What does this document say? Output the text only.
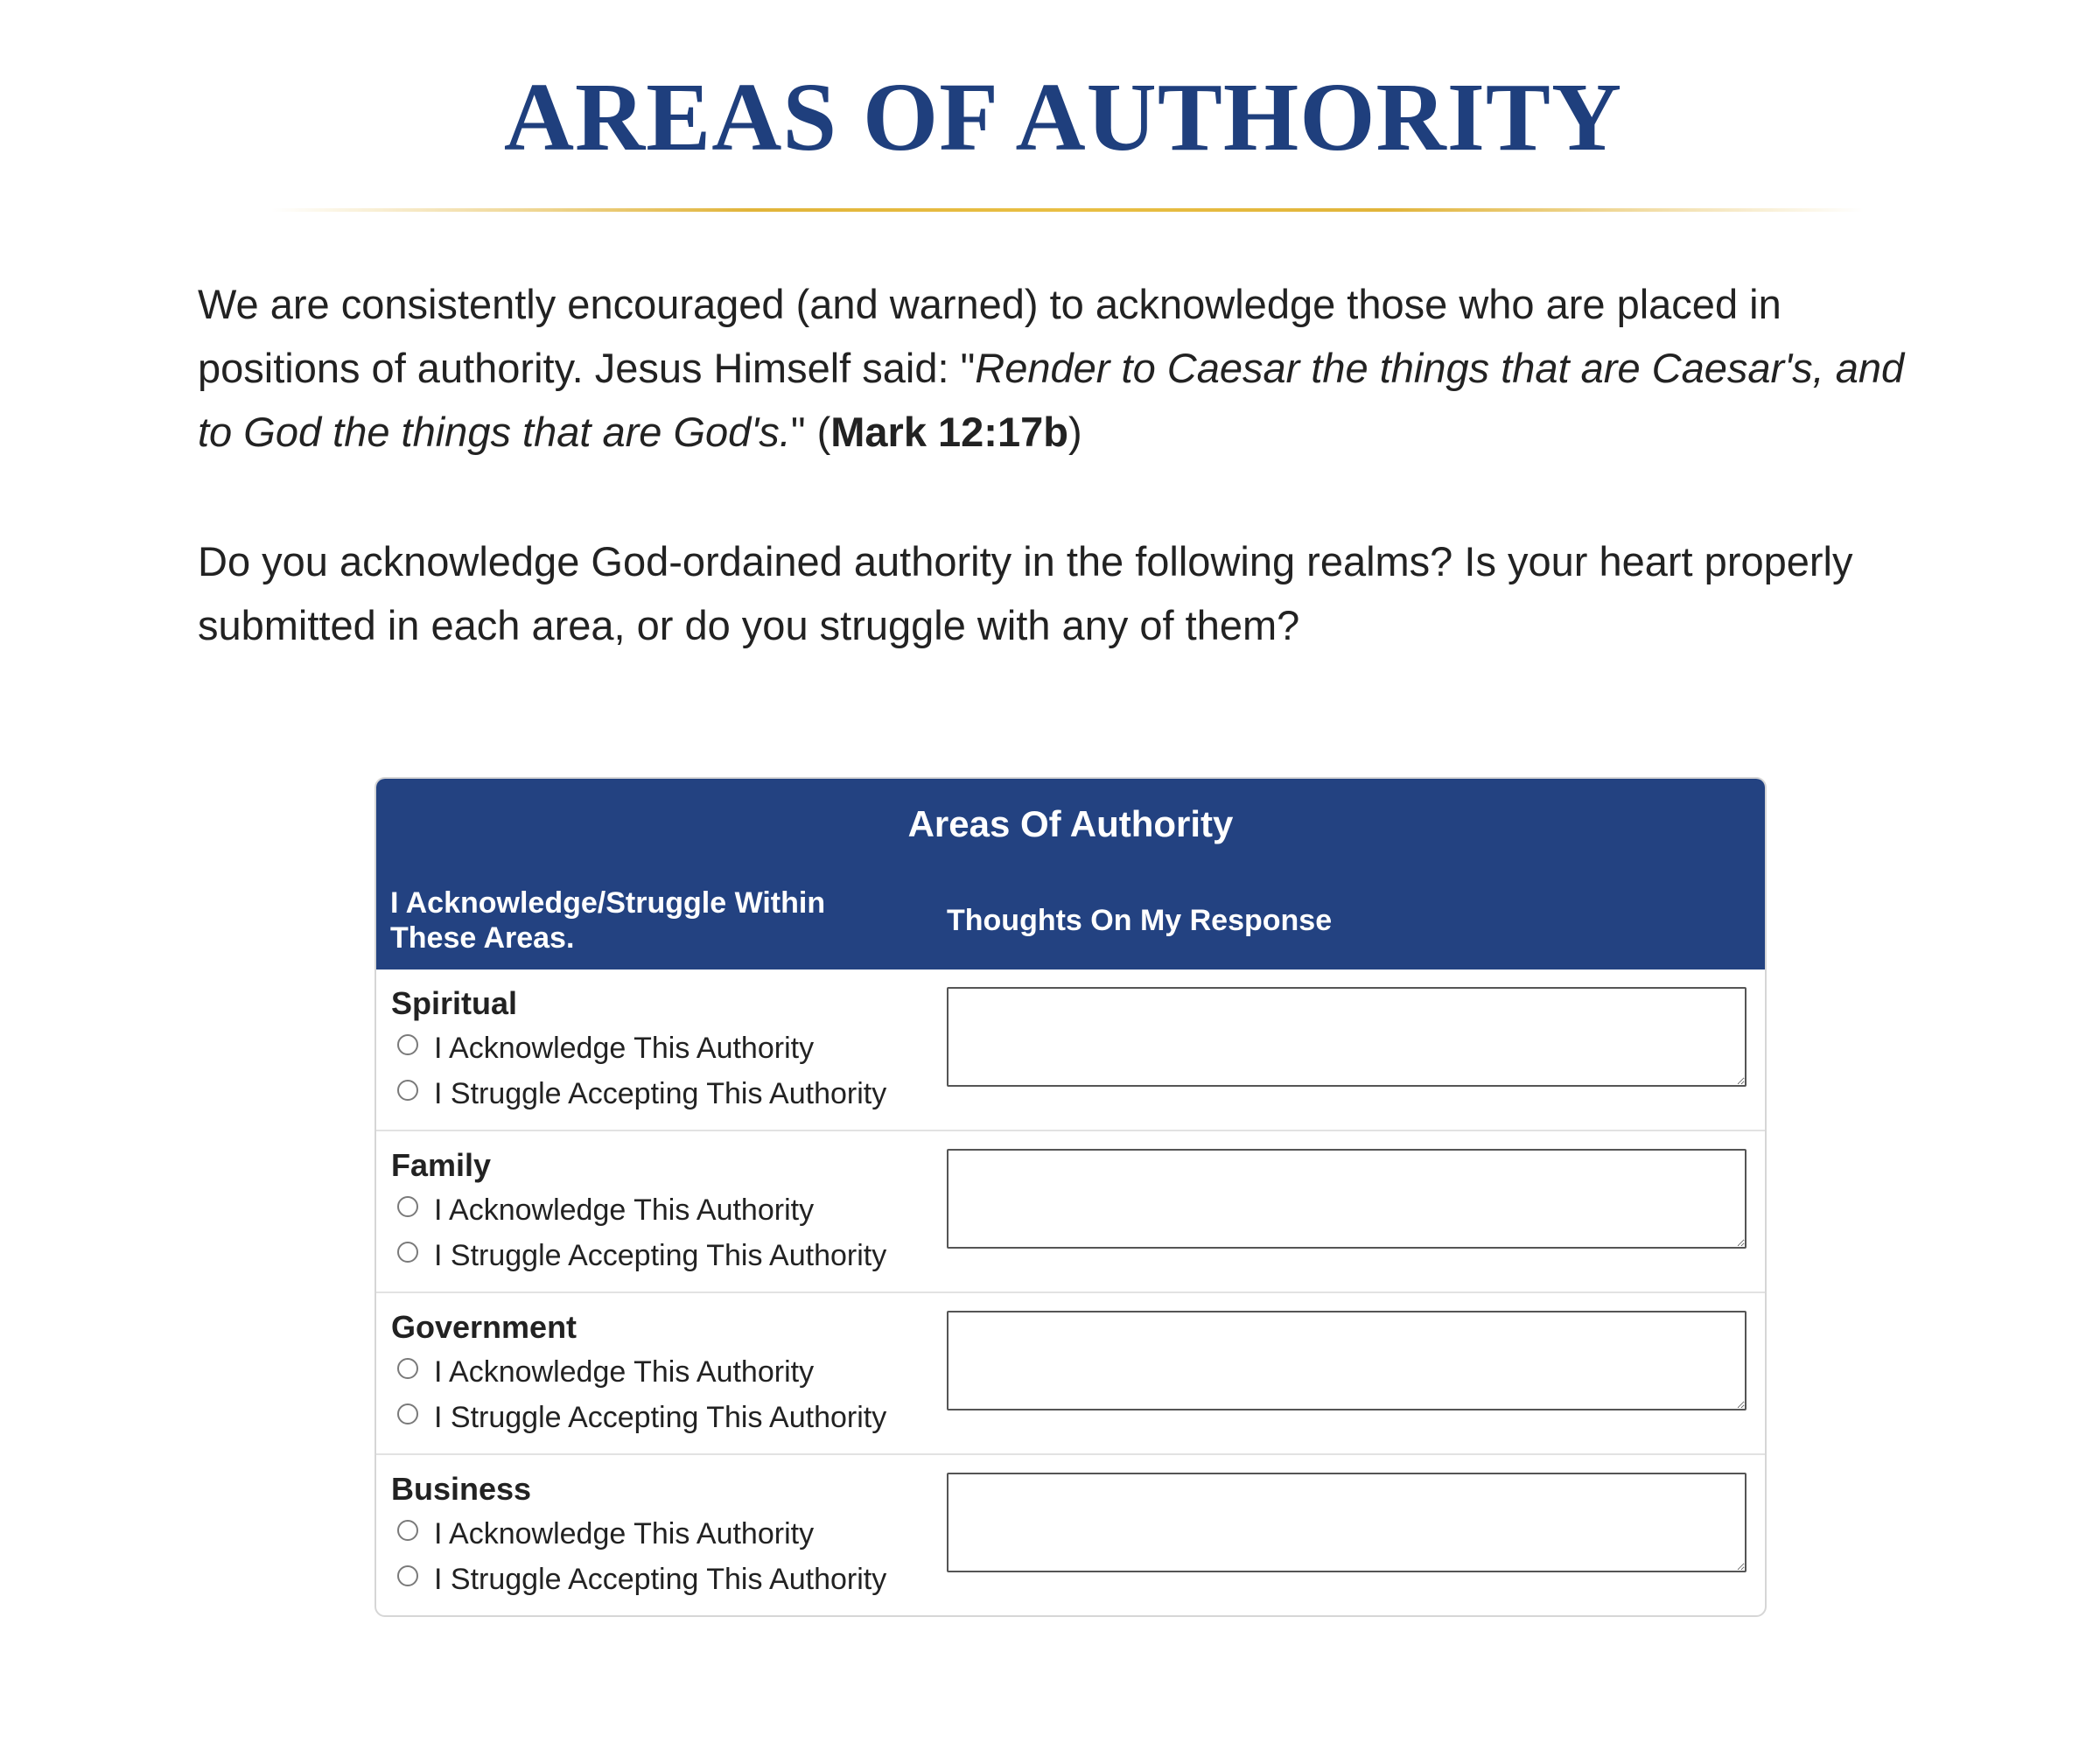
AREAS OF AUTHORITY

We are consistently encouraged (and warned) to acknowledge those who are placed in positions of authority. Jesus Himself said: "Render to Caesar the things that are Caesar's, and to God the things that are God's." (Mark 12:17b)

Do you acknowledge God-ordained authority in the following realms? Is your heart properly submitted in each area, or do you struggle with any of them?

Areas Of Authority
I Acknowledge/Struggle Within These Areas.
Thoughts On My Response
Spiritual
I Acknowledge This Authority
I Struggle Accepting This Authority
Family
I Acknowledge This Authority
I Struggle Accepting This Authority
Government
I Acknowledge This Authority
I Struggle Accepting This Authority
Business
I Acknowledge This Authority
I Struggle Accepting This Authority
